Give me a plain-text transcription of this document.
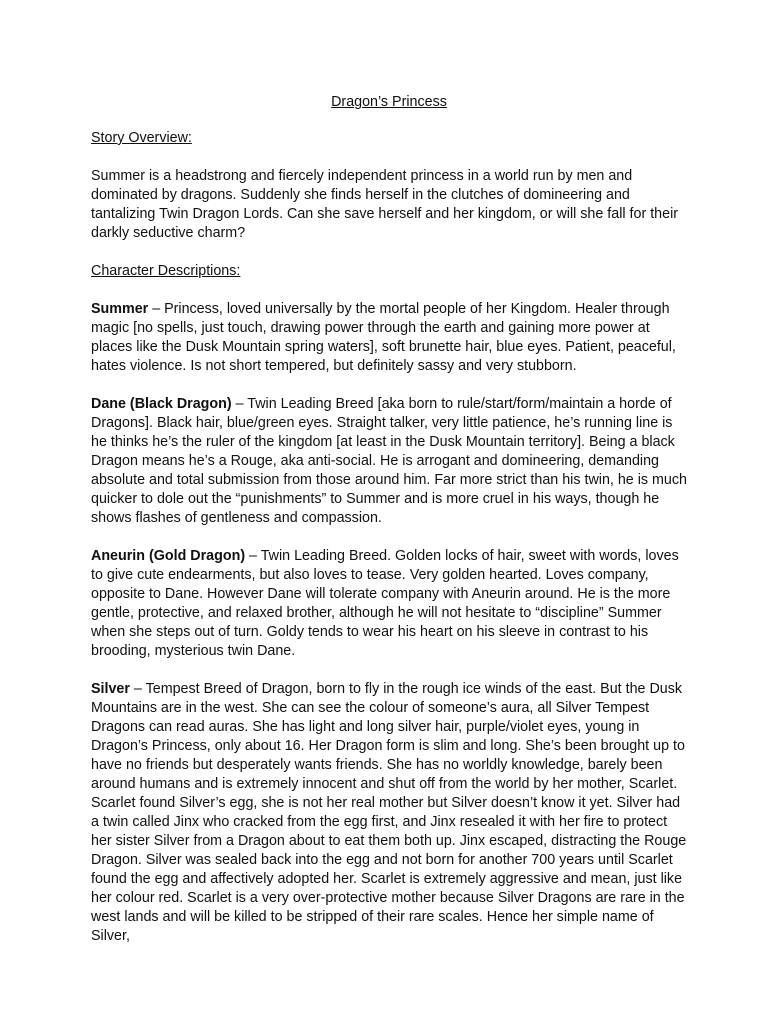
Dragon’s Princess

Story Overview:

Summer is a headstrong and fiercely independent princess in a world run by men and dominated by dragons. Suddenly she finds herself in the clutches of domineering and tantalizing Twin Dragon Lords. Can she save herself and her kingdom, or will she fall for their darkly seductive charm?

Character Descriptions:

Summer – Princess, loved universally by the mortal people of her Kingdom. Healer through magic [no spells, just touch, drawing power through the earth and gaining more power at places like the Dusk Mountain spring waters], soft brunette hair, blue eyes. Patient, peaceful, hates violence. Is not short tempered, but definitely sassy and very stubborn.

Dane (Black Dragon) – Twin Leading Breed [aka born to rule/start/form/maintain a horde of Dragons]. Black hair, blue/green eyes. Straight talker, very little patience, he’s running line is he thinks he’s the ruler of the kingdom [at least in the Dusk Mountain territory]. Being a black Dragon means he’s a Rouge, aka anti-social. He is arrogant and domineering, demanding absolute and total submission from those around him. Far more strict than his twin, he is much quicker to dole out the “punishments” to Summer and is more cruel in his ways, though he shows flashes of gentleness and compassion.

Aneurin (Gold Dragon) – Twin Leading Breed. Golden locks of hair, sweet with words, loves to give cute endearments, but also loves to tease. Very golden hearted. Loves company, opposite to Dane. However Dane will tolerate company with Aneurin around. He is the more gentle, protective, and relaxed brother, although he will not hesitate to “discipline” Summer when she steps out of turn. Goldy tends to wear his heart on his sleeve in contrast to his brooding, mysterious twin Dane.

Silver – Tempest Breed of Dragon, born to fly in the rough ice winds of the east. But the Dusk Mountains are in the west. She can see the colour of someone’s aura, all Silver Tempest Dragons can read auras. She has light and long silver hair, purple/violet eyes, young in Dragon’s Princess, only about 16. Her Dragon form is slim and long. She’s been brought up to have no friends but desperately wants friends. She has no worldly knowledge, barely been around humans and is extremely innocent and shut off from the world by her mother, Scarlet. Scarlet found Silver’s egg, she is not her real mother but Silver doesn’t know it yet. Silver had a twin called Jinx who cracked from the egg first, and Jinx resealed it with her fire to protect her sister Silver from a Dragon about to eat them both up. Jinx escaped, distracting the Rouge Dragon. Silver was sealed back into the egg and not born for another 700 years until Scarlet found the egg and affectively adopted her. Scarlet is extremely aggressive and mean, just like her colour red. Scarlet is a very over-protective mother because Silver Dragons are rare in the west lands and will be killed to be stripped of their rare scales. Hence her simple name of Silver,
